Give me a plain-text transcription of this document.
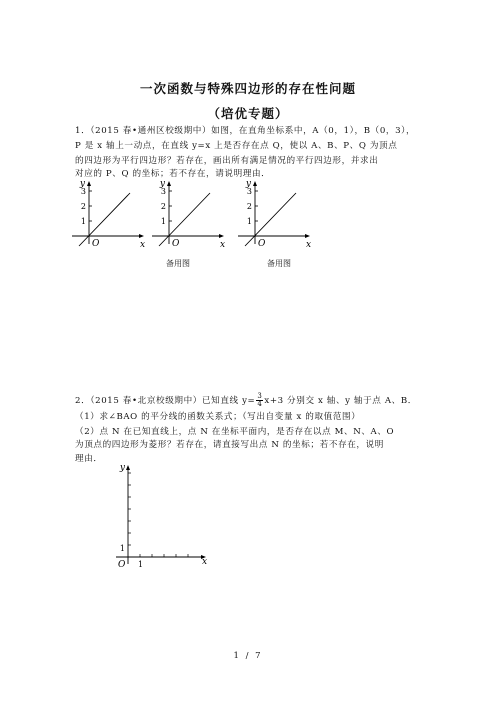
一次函数与特殊四边形的存在性问题
（培优专题）
1．（2015 春•通州区校级期中）如图，在直角坐标系中，A（0，1），B（0，3），
P 是 x 轴上一动点，在直线 y=x 上是否存在点 Q，使以 A、B、P、Q 为顶点
的四边形为平行四边形？若存在，画出所有满足情况的平行四边形，并求出
对应的 P、Q 的坐标；若不存在，请说明理由．
y
3
2
1
O	x
y
3
2
1
O	x
y
3
2
1
O	x
备用图	备用图
2．（2015 春•北京校级期中）已知直线 $y= \frac{3}{4} x+3$ 分别交 x 轴、y 轴于点 A、B．
（1）求∠BAO 的平分线的函数关系式；（写出自变量 x 的取值范围）
（2）点 N 在已知直线上，点 N 在坐标平面内，是否存在以点 M、N、A、O
为顶点的四边形为菱形？若存在，请直接写出点 N 的坐标；若不存在，说明
理由．
y
1
O 1	x
1 / 7
